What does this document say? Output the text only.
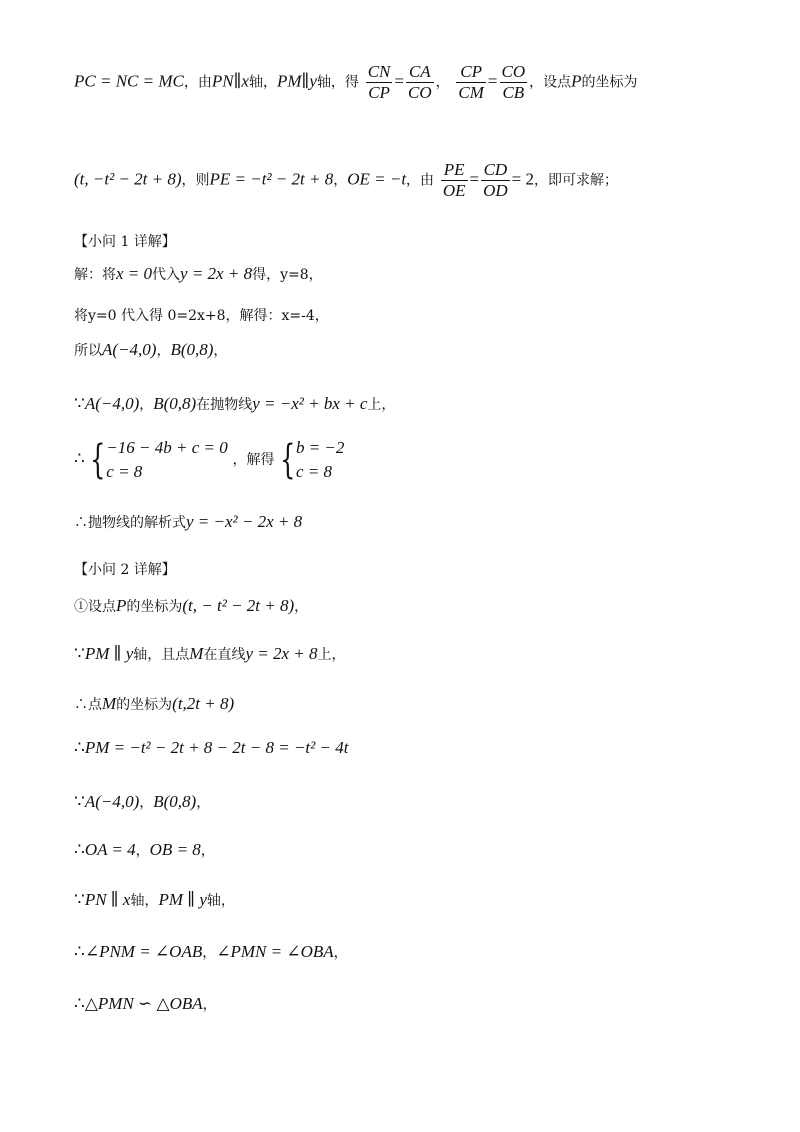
PC = NC = MC，由PN∥x轴，PM∥y轴，得 $\frac{CN}{CP} = \frac{CA}{CO}$ ， $\frac{CP}{CM} = \frac{CO}{CB}$ ，设点P的坐标为
(t, −t² − 2t + 8)，则PE = −t² − 2t + 8，OE = −t，由 $\frac{PE}{OE} = \frac{CD}{OD} = 2$，即可求解；
【小问 1 详解】
解：将x = 0代入y = 2x + 8得，y=8，
将y=0 代入得 0=2x+8，解得：x=-4，
所以A(−4,0)，B(0,8)，
∵A(−4,0)，B(0,8)在抛物线y = −x² + bx + c上，
∴ {−16 − 4b + c = 0
c = 8 ，解得 {b = −2
c = 8
∴抛物线的解析式y = −x² − 2x + 8
【小问 2 详解】
①设点P的坐标为(t, − t² − 2t + 8)，
∵PM ∥ y轴，且点M在直线y = 2x + 8上，
∴点M的坐标为(t,2t + 8)
∴PM = −t² − 2t + 8 − 2t − 8 = −t² − 4t
∵A(−4,0)，B(0,8)，
∴OA = 4，OB = 8，
∵PN ∥ x轴，PM ∥ y轴，
∴∠PNM = ∠OAB，∠PMN = ∠OBA，
∴△PMN ∽ △OBA，
